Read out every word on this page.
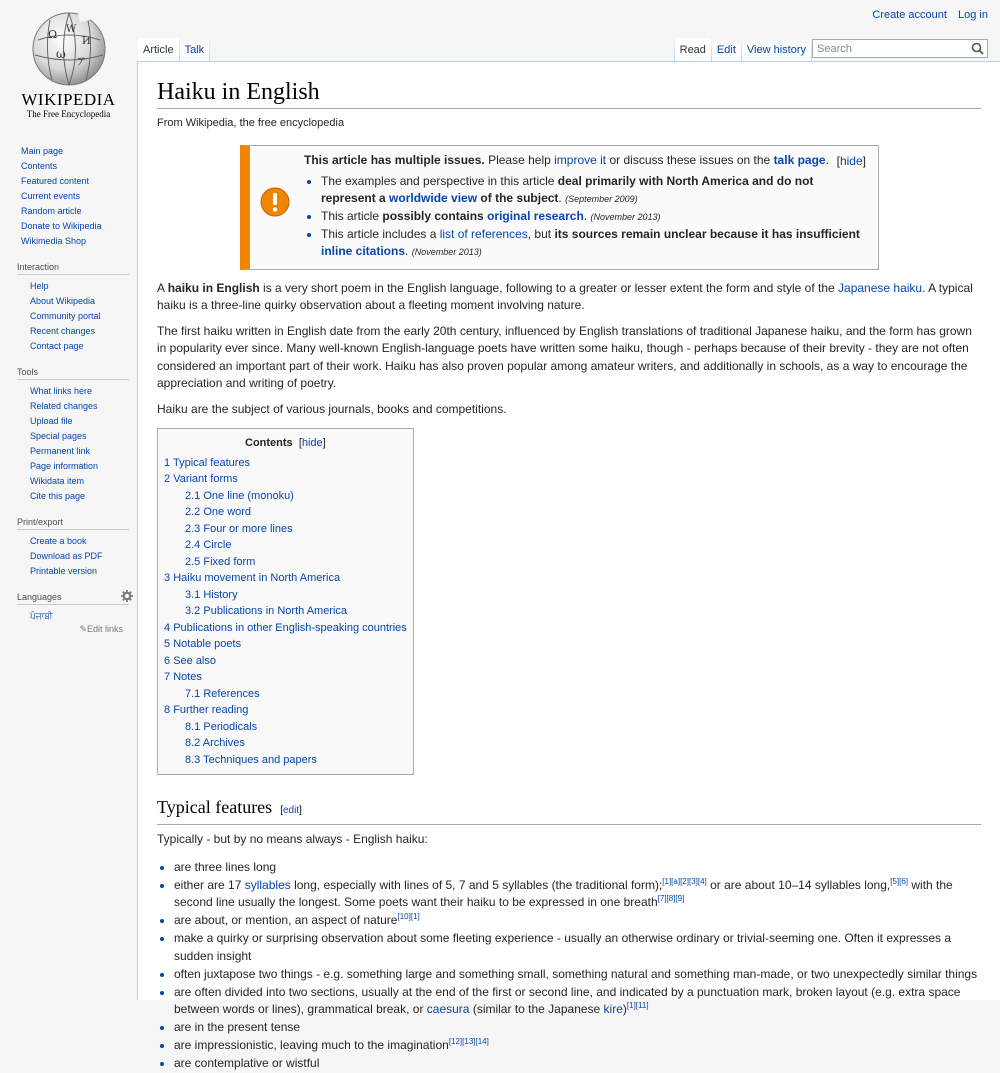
Create account Log in
Ω W
И
ω
ア
WIKIPEDIA
The Free Encyclopedia
Article	Talk	Read	Edit	View history	Search
Main page
Contents
Featured content
Current events
Random article
Donate to Wikipedia
Wikimedia Shop
Interaction
Help
About Wikipedia
Community portal
Recent changes
Contact page
Tools
What links here
Related changes
Upload file
Special pages
Permanent link
Page information
Wikidata item
Cite this page
Print/export
Create a book
Download as PDF
Printable version
Languages
ਪੰਜਾਬੀ
✎Edit links
Haiku in English
From Wikipedia, the free encyclopedia
This article has multiple issues. Please help improve it or discuss these issues on the talk page. [hide]
• The examples and perspective in this article deal primarily with North America and do not represent a worldwide view of the subject. (September 2009)
• This article possibly contains original research. (November 2013)
• This article includes a list of references, but its sources remain unclear because it has insufficient inline citations. (November 2013)

A haiku in English is a very short poem in the English language, following to a greater or lesser extent the form and style of the Japanese haiku. A typical haiku is a three-line quirky observation about a fleeting moment involving nature.

The first haiku written in English date from the early 20th century, influenced by English translations of traditional Japanese haiku, and the form has grown in popularity ever since. Many well-known English-language poets have written some haiku, though - perhaps because of their brevity - they are not often considered an important part of their work. Haiku has also proven popular among amateur writers, and additionally in schools, as a way to encourage the appreciation and writing of poetry.

Haiku are the subject of various journals, books and competitions.

Contents [hide]
1 Typical features
2 Variant forms
2.1 One line (monoku)
2.2 One word
2.3 Four or more lines
2.4 Circle
2.5 Fixed form
3 Haiku movement in North America
3.1 History
3.2 Publications in North America
4 Publications in other English-speaking countries
5 Notable poets
6 See also
7 Notes
7.1 References
8 Further reading
8.1 Periodicals
8.2 Archives
8.3 Techniques and papers
Typical features [edit]
Typically - but by no means always - English haiku:
• are three lines long
• either are 17 syllables long, especially with lines of 5, 7 and 5 syllables (the traditional form);[1][a][2][3][4] or are about 10–14 syllables long,[5][6] with the second line usually the longest. Some poets want their haiku to be expressed in one breath[7][8][9]
• are about, or mention, an aspect of nature[10][1]
• make a quirky or surprising observation about some fleeting experience - usually an otherwise ordinary or trivial-seeming one. Often it expresses a sudden insight
• often juxtapose two things - e.g. something large and something small, something natural and something man-made, or two unexpectedly similar things
• are often divided into two sections, usually at the end of the first or second line, and indicated by a punctuation mark, broken layout (e.g. extra space between words or lines), grammatical break, or caesura (similar to the Japanese kire)[1][11]
• are in the present tense
• are impressionistic, leaving much to the imagination[12][13][14]
• are contemplative or wistful
